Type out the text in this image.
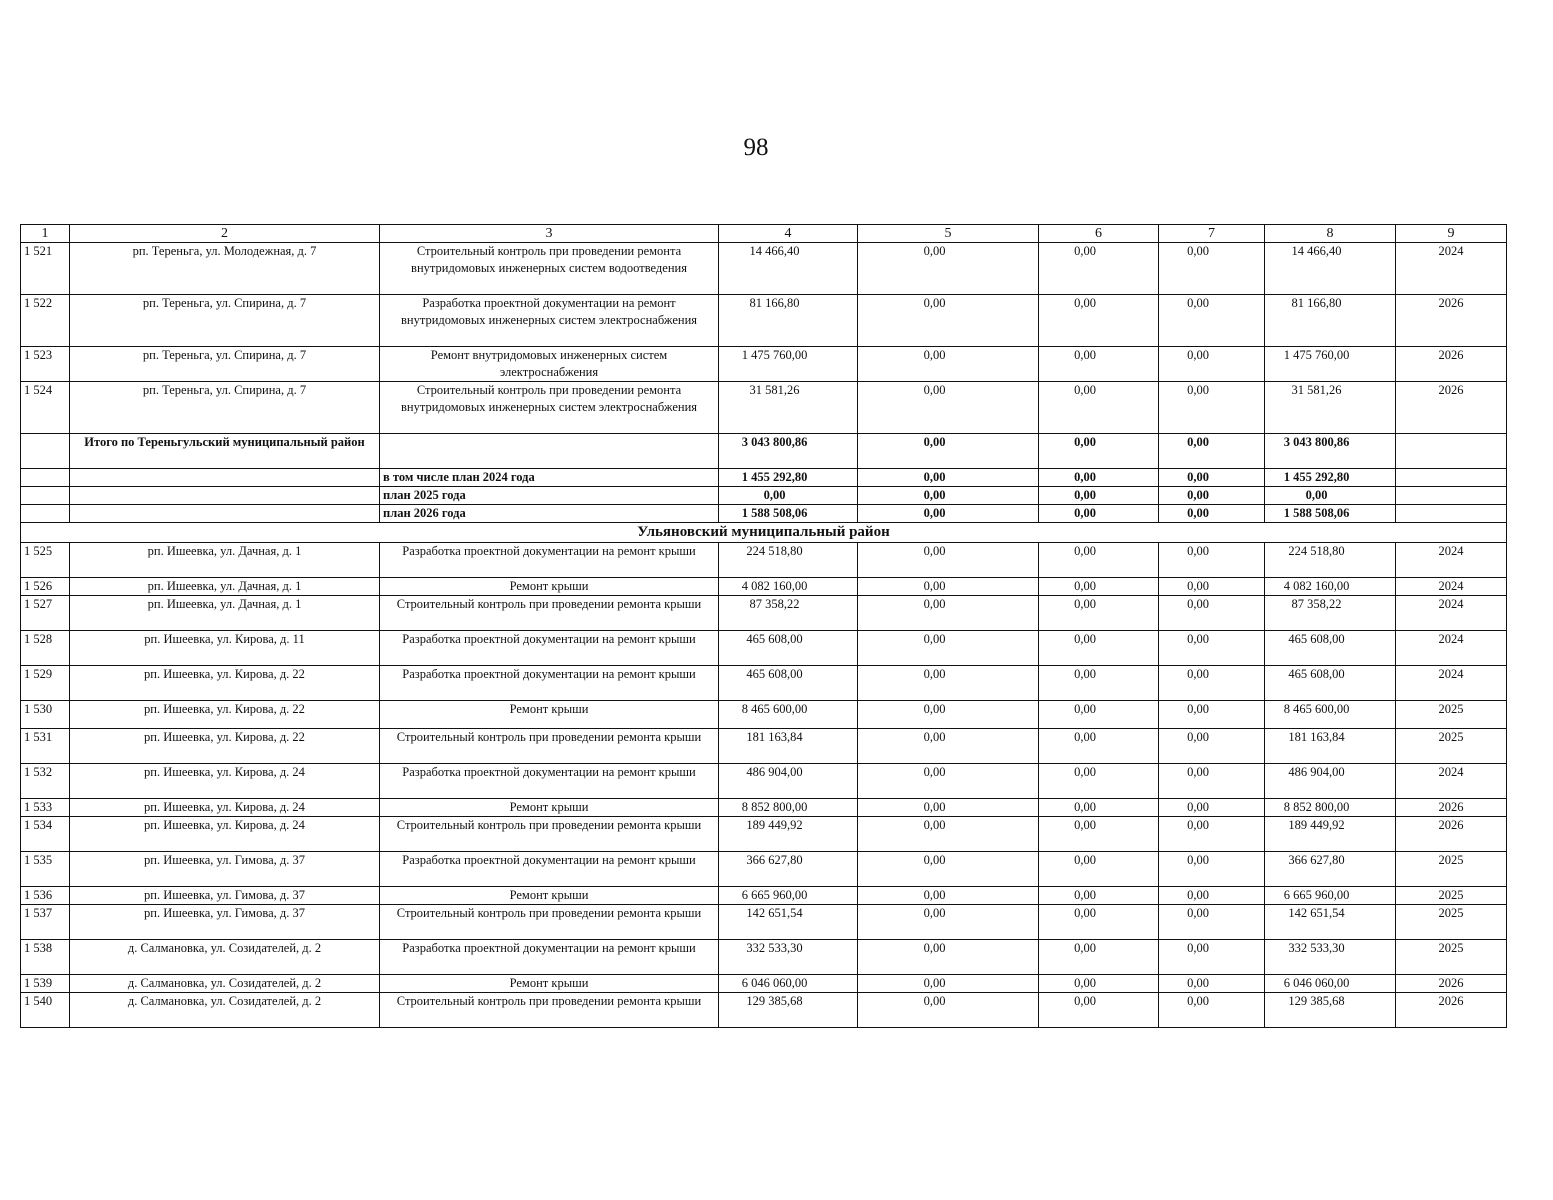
98
1	2	3	4	5	6	7	8	9
1 521	рп. Тереньга, ул. Молодежная, д. 7	Строительный контроль при проведении ремонта внутридомовых инженерных систем водоотведения	14 466,40	0,00	0,00	0,00	14 466,40	2024
1 522	рп. Тереньга, ул. Спирина, д. 7	Разработка проектной документации на ремонт внутридомовых инженерных систем электроснабжения	81 166,80	0,00	0,00	0,00	81 166,80	2026
1 523	рп. Тереньга, ул. Спирина, д. 7	Ремонт внутридомовых инженерных систем электроснабжения	1 475 760,00	0,00	0,00	0,00	1 475 760,00	2026
1 524	рп. Тереньга, ул. Спирина, д. 7	Строительный контроль при проведении ремонта внутридомовых инженерных систем электроснабжения	31 581,26	0,00	0,00	0,00	31 581,26	2026
	Итого по Тереньгульский муниципальный район		3 043 800,86	0,00	0,00	0,00	3 043 800,86	
		в том числе план 2024 года	1 455 292,80	0,00	0,00	0,00	1 455 292,80	
		план 2025 года	0,00	0,00	0,00	0,00	0,00	
		план 2026 года	1 588 508,06	0,00	0,00	0,00	1 588 508,06	
Ульяновский муниципальный район								
1 525	рп. Ишеевка, ул. Дачная, д. 1	Разработка проектной документации на ремонт крыши	224 518,80	0,00	0,00	0,00	224 518,80	2024
1 526	рп. Ишеевка, ул. Дачная, д. 1	Ремонт крыши	4 082 160,00	0,00	0,00	0,00	4 082 160,00	2024
1 527	рп. Ишеевка, ул. Дачная, д. 1	Строительный контроль при проведении ремонта крыши	87 358,22	0,00	0,00	0,00	87 358,22	2024
1 528	рп. Ишеевка, ул. Кирова, д. 11	Разработка проектной документации на ремонт крыши	465 608,00	0,00	0,00	0,00	465 608,00	2024
1 529	рп. Ишеевка, ул. Кирова, д. 22	Разработка проектной документации на ремонт крыши	465 608,00	0,00	0,00	0,00	465 608,00	2024
1 530	рп. Ишеевка, ул. Кирова, д. 22	Ремонт крыши	8 465 600,00	0,00	0,00	0,00	8 465 600,00	2025
1 531	рп. Ишеевка, ул. Кирова, д. 22	Строительный контроль при проведении ремонта крыши	181 163,84	0,00	0,00	0,00	181 163,84	2025
1 532	рп. Ишеевка, ул. Кирова, д. 24	Разработка проектной документации на ремонт крыши	486 904,00	0,00	0,00	0,00	486 904,00	2024
1 533	рп. Ишеевка, ул. Кирова, д. 24	Ремонт крыши	8 852 800,00	0,00	0,00	0,00	8 852 800,00	2026
1 534	рп. Ишеевка, ул. Кирова, д. 24	Строительный контроль при проведении ремонта крыши	189 449,92	0,00	0,00	0,00	189 449,92	2026
1 535	рп. Ишеевка, ул. Гимова, д. 37	Разработка проектной документации на ремонт крыши	366 627,80	0,00	0,00	0,00	366 627,80	2025
1 536	рп. Ишеевка, ул. Гимова, д. 37	Ремонт крыши	6 665 960,00	0,00	0,00	0,00	6 665 960,00	2025
1 537	рп. Ишеевка, ул. Гимова, д. 37	Строительный контроль при проведении ремонта крыши	142 651,54	0,00	0,00	0,00	142 651,54	2025
1 538	д. Салмановка, ул. Созидателей, д. 2	Разработка проектной документации на ремонт крыши	332 533,30	0,00	0,00	0,00	332 533,30	2025
1 539	д. Салмановка, ул. Созидателей, д. 2	Ремонт крыши	6 046 060,00	0,00	0,00	0,00	6 046 060,00	2026
1 540	д. Салмановка, ул. Созидателей, д. 2	Строительный контроль при проведении ремонта крыши	129 385,68	0,00	0,00	0,00	129 385,68	2026
